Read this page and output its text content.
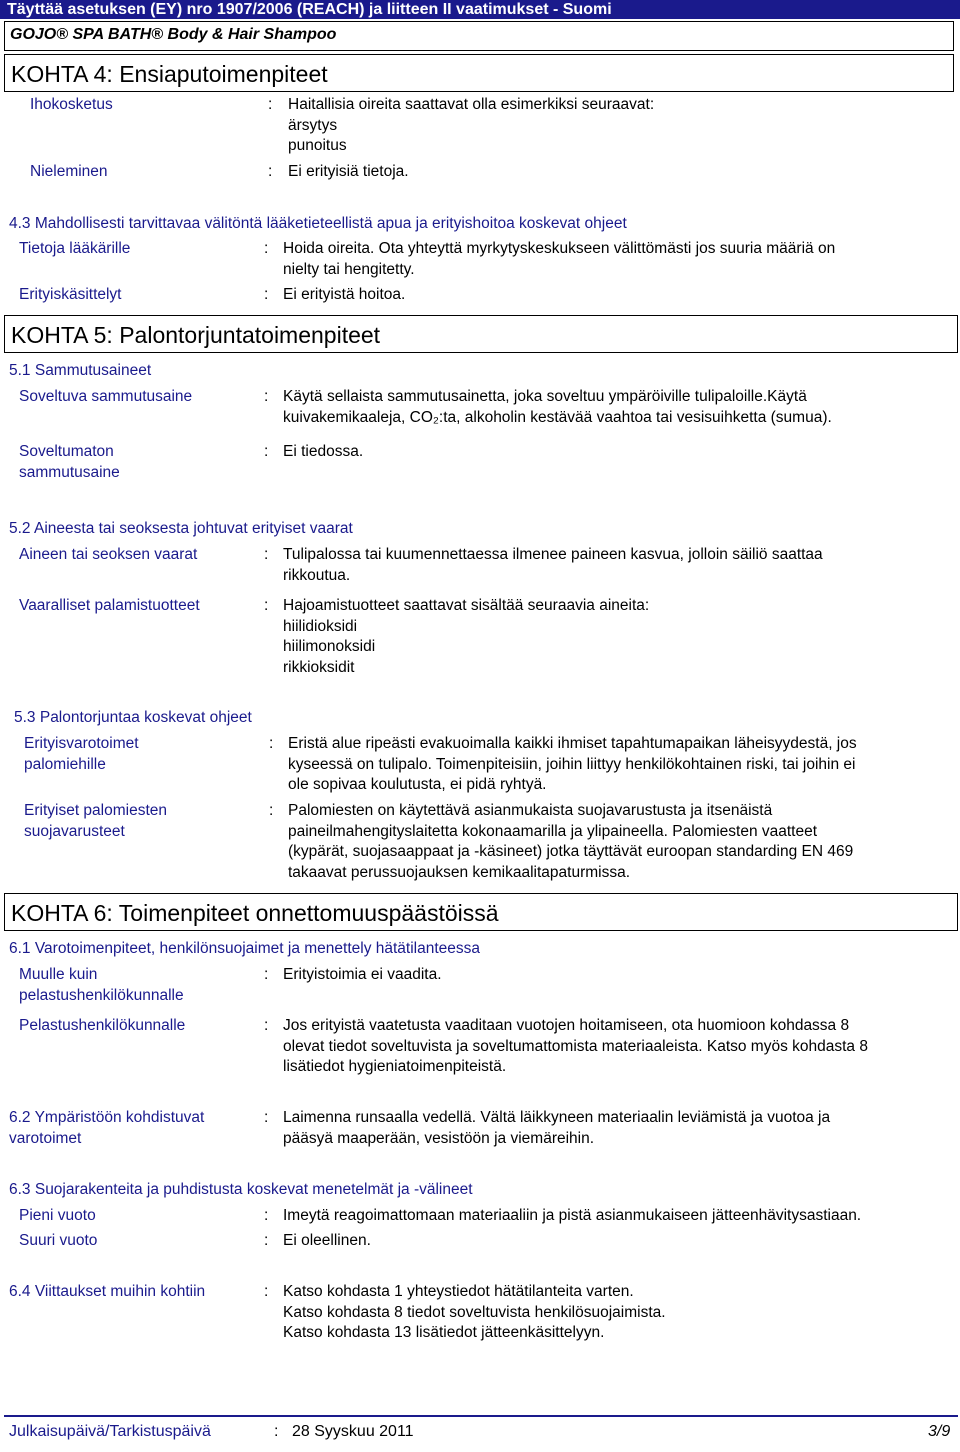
Täyttää asetuksen (EY) nro 1907/2006 (REACH) ja liitteen II vaatimukset - Suomi
GOJO® SPA BATH® Body & Hair Shampoo
KOHTA 4: Ensiaputoimenpiteet
Ihokosketus	: Haitallisia oireita saattavat olla esimerkiksi seuraavat:
ärsytys
punoitus
Nieleminen	: Ei erityisiä tietoja.
4.3 Mahdollisesti tarvittavaa välitöntä lääketieteellistä apua ja erityishoitoa koskevat ohjeet
Tietoja lääkärille	: Hoida oireita. Ota yhteyttä myrkytyskeskukseen välittömästi jos suuria määriä on
nielty tai hengitetty.
Erityiskäsittelyt	: Ei erityistä hoitoa.
KOHTA 5: Palontorjuntatoimenpiteet
5.1 Sammutusaineet
Soveltuva sammutusaine	: Käytä sellaista sammutusainetta, joka soveltuu ympäröiville tulipaloille.Käytä
kuivakemikaaleja, CO₂:ta, alkoholin kestävää vaahtoa tai vesisuihketta (sumua).
Soveltumaton
sammutusaine
: Ei tiedossa.
5.2 Aineesta tai seoksesta johtuvat erityiset vaarat
Aineen tai seoksen vaarat	: Tulipalossa tai kuumennettaessa ilmenee paineen kasvua, jolloin säiliö saattaa
rikkoutua.
Vaaralliset palamistuotteet	: Hajoamistuotteet saattavat sisältää seuraavia aineita:
hiilidioksidi
hiilimonoksidi
rikkioksidit
5.3 Palontorjuntaa koskevat ohjeet
Erityisvarotoimet
palomiehille
: Eristä alue ripeästi evakuoimalla kaikki ihmiset tapahtumapaikan läheisyydestä, jos
kyseessä on tulipalo. Toimenpiteisiin, joihin liittyy henkilökohtainen riski, tai joihin ei
ole sopivaa koulutusta, ei pidä ryhtyä.
Erityiset palomiesten
suojavarusteet
: Palomiesten on käytettävä asianmukaista suojavarustusta ja itsenäistä
paineilmahengityslaitetta kokonaamarilla ja ylipaineella. Palomiesten vaatteet
(kypärät, suojasaappaat ja -käsineet) jotka täyttävät euroopan standarding EN 469
takaavat perussuojauksen kemikaalitapaturmissa.
KOHTA 6: Toimenpiteet onnettomuuspäästöissä
6.1 Varotoimenpiteet, henkilönsuojaimet ja menettely hätätilanteessa
Muulle kuin
pelastushenkilökunnalle
: Erityistoimia ei vaadita.
Pelastushenkilökunnalle	: Jos erityistä vaatetusta vaaditaan vuotojen hoitamiseen, ota huomioon kohdassa 8
olevat tiedot soveltuvista ja soveltumattomista materiaaleista. Katso myös kohdasta 8
lisätiedot hygieniatoimenpiteistä.
6.2 Ympäristöön kohdistuvat
varotoimet
: Laimenna runsaalla vedellä. Vältä läikkyneen materiaalin leviämistä ja vuotoa ja
pääsyä maaperään, vesistöön ja viemäreihin.
6.3 Suojarakenteita ja puhdistusta koskevat menetelmät ja -välineet
Pieni vuoto	: Imeytä reagoimattomaan materiaaliin ja pistä asianmukaiseen jätteenhävitysastiaan.
Suuri vuoto	: Ei oleellinen.
6.4 Viittaukset muihin kohtiin	: Katso kohdasta 1 yhteystiedot hätätilanteita varten.
Katso kohdasta 8 tiedot soveltuvista henkilösuojaimista.
Katso kohdasta 13 lisätiedot jätteenkäsittelyyn.
Julkaisupäivä/Tarkistuspäivä	: 28 Syyskuu 2011	3/9
